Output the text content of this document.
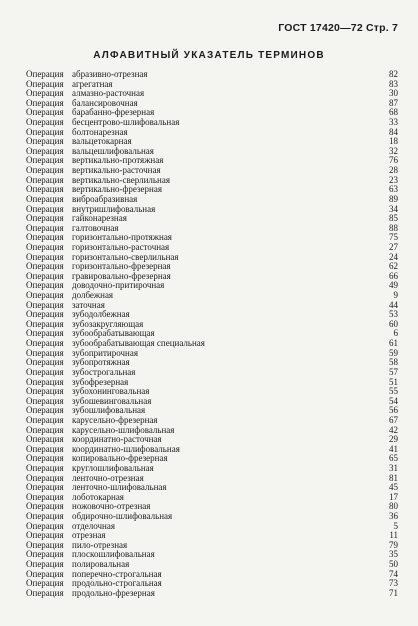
ГОСТ 17420—72 Стр. 7
АЛФАВИТНЫЙ УКАЗАТЕЛЬ ТЕРМИНОВ
Операция абразивно-отрезная	82
Операция агрегатная	83
Операция алмазно-расточная	30
Операция балансировочная	87
Операция барабанно-фрезерная	68
Операция бесцентрово-шлифовальная	33
Операция болтонарезная	84
Операция вальцетокарная	18
Операция вальцешлифовальная	32
Операция вертикально-протяжная	76
Операция вертикально-расточная	28
Операция вертикально-сверлильная	23
Операция вертикально-фрезерная	63
Операция виброабразивная	89
Операция внутришлифовальная	34
Операция гайконарезная	85
Операция галтовочная	88
Операция горизонтально-протяжная	75
Операция горизонтально-расточная	27
Операция горизонтально-сверлильная	24
Операция горизонтально-фрезерная	62
Операция гравировально-фрезерная	66
Операция доводочно-притирочная	49
Операция долбежная	9
Операция заточная	44
Операция зубодолбежная	53
Операция зубозакругляющая	60
Операция зубообрабатывающая	6
Операция зубообрабатывающая специальная	61
Операция зубопритирочная	59
Операция зубопротяжная	58
Операция зубострогальная	57
Операция зубофрезерная	51
Операция зубохонинговальная	55
Операция зубошевинговальная	54
Операция зубошлифовальная	56
Операция карусельно-фрезерная	67
Операция карусельно-шлифовальная	42
Операция координатно-расточная	29
Операция координатно-шлифовальная	41
Операция копировально-фрезерная	65
Операция круглошлифовальная	31
Операция ленточно-отрезная	81
Операция ленточно-шлифовальная	45
Операция лоботокарная	17
Операция ножовочно-отрезная	80
Операция обдирочно-шлифовальная	36
Операция отделочная	5
Операция отрезная	11
Операция пило-отрезная	79
Операция плоскошлифовальная	35
Операция полировальная	50
Операция поперечно-строгальная	74
Операция продольно-строгальная	73
Операция продольно-фрезерная	71
